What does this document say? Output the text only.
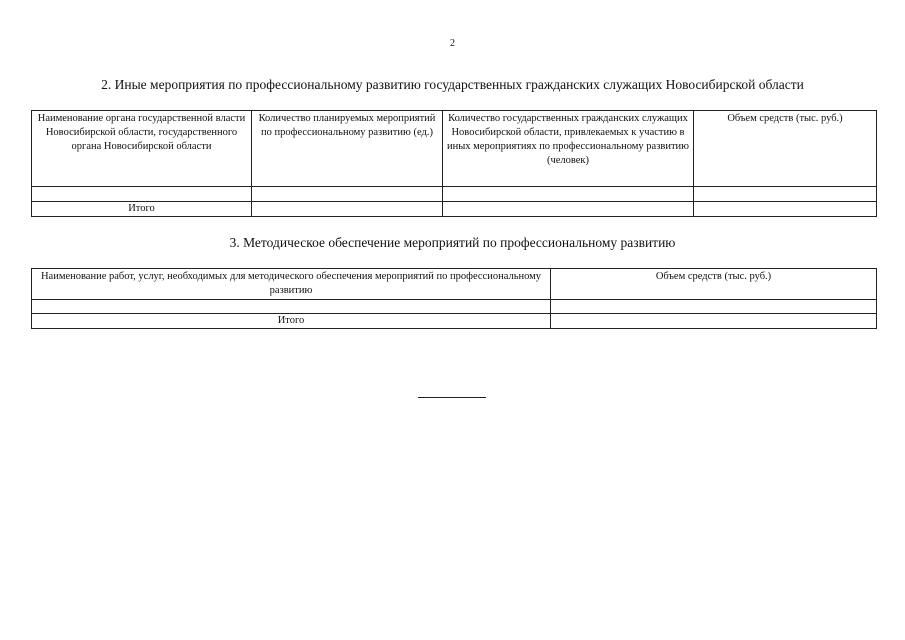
2
2. Иные мероприятия по профессиональному развитию государственных гражданских служащих Новосибирской области
Наименование органа государственной власти Новосибирской области, государственного органа Новосибирской области	Количество планируемых мероприятий по профессиональному развитию (ед.)	Количество государственных гражданских служащих Новосибирской области, привлекаемых к участию в иных мероприятиях по профессиональному развитию (человек)	Объем средств (тыс. руб.)

Итого			
3. Методическое обеспечение мероприятий по профессиональному развитию
Наименование работ, услуг, необходимых для методического обеспечения мероприятий по профессиональному развитию	Объем средств (тыс. руб.)

Итого	
